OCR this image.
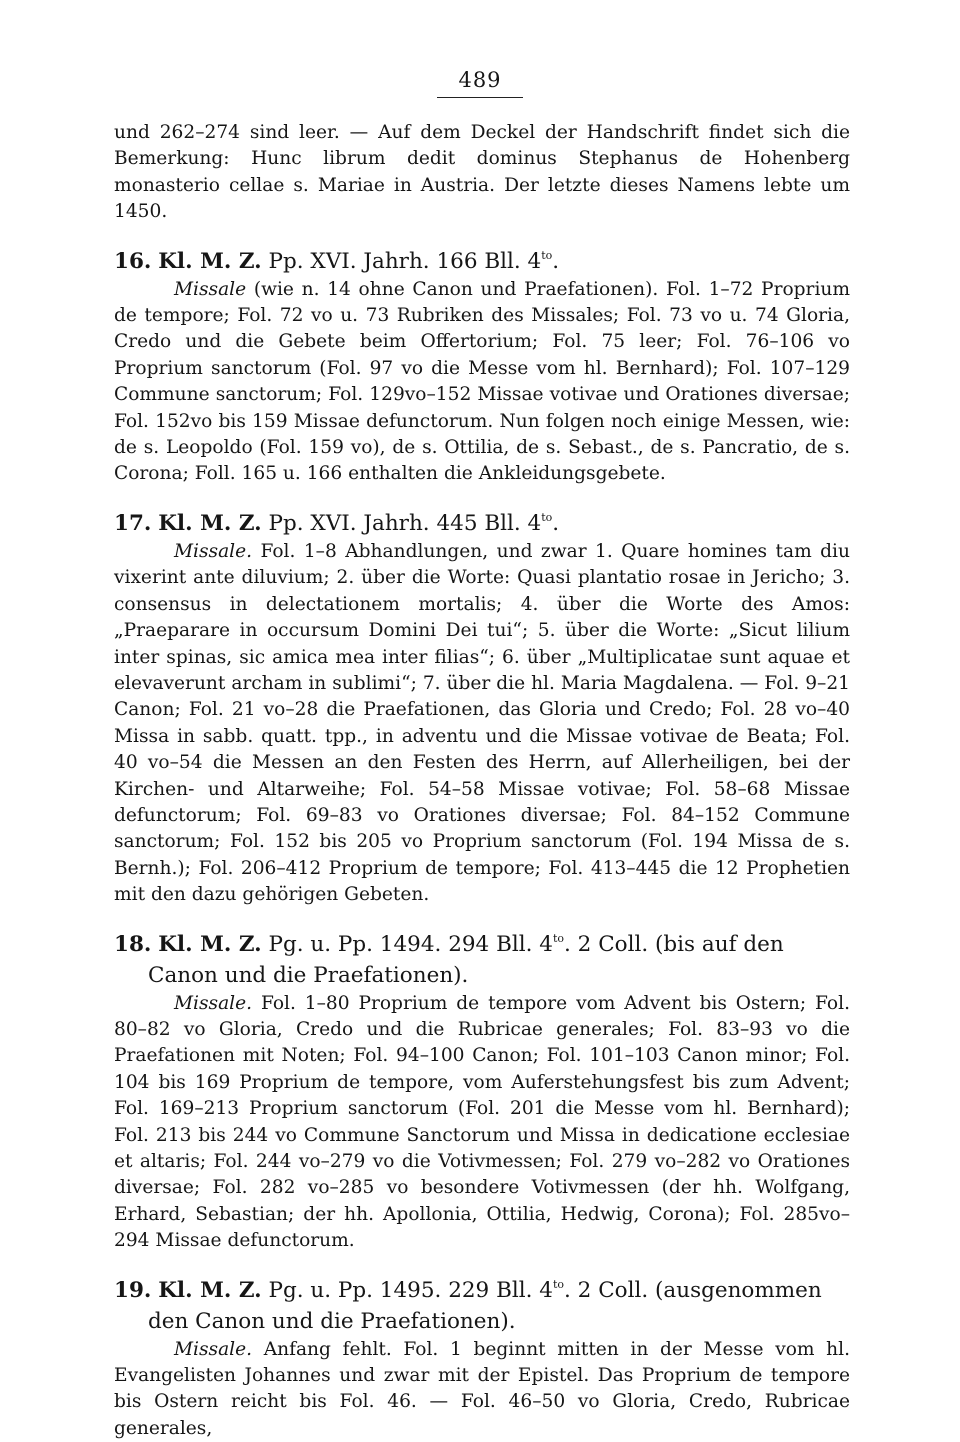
489

und 262–274 sind leer. — Auf dem Deckel der Handschrift findet sich die Bemerkung: Hunc librum dedit dominus Stephanus de Hohenberg monasterio cellae s. Mariae in Austria. Der letzte dieses Namens lebte um 1450.

16. Kl. M. Z. Pp. XVI. Jahrh. 166 Bll. $4^{to}$.

Missale (wie n. 14 ohne Canon und Praefationen). Fol. 1–72 Proprium de tempore; Fol. 72 vo u. 73 Rubriken des Missales; Fol. 73 vo u. 74 Gloria, Credo und die Gebete beim Offertorium; Fol. 75 leer; Fol. 76–106 vo Proprium sanctorum (Fol. 97 vo die Messe vom hl. Bernhard); Fol. 107–129 Commune sanctorum; Fol. 129vo–152 Missae votivae und Orationes diversae; Fol. 152vo bis 159 Missae defunctorum. Nun folgen noch einige Messen, wie: de s. Leopoldo (Fol. 159 vo), de s. Ottilia, de s. Sebast., de s. Pancratio, de s. Corona; Foll. 165 u. 166 enthalten die Ankleidungsgebete.

17. Kl. M. Z. Pp. XVI. Jahrh. 445 Bll. $4^{to}$.

Missale. Fol. 1–8 Abhandlungen, und zwar 1. Quare homines tam diu vixerint ante diluvium; 2. über die Worte: Quasi plantatio rosae in Jericho; 3. consensus in delectationem mortalis; 4. über die Worte des Amos: „Praeparare in occursum Domini Dei tui“; 5. über die Worte: „Sicut lilium inter spinas, sic amica mea inter filias“; 6. über „Multiplicatae sunt aquae et elevaverunt archam in sublimi“; 7. über die hl. Maria Magdalena. — Fol. 9–21 Canon; Fol. 21 vo–28 die Praefationen, das Gloria und Credo; Fol. 28 vo–40 Missa in sabb. quatt. tpp., in adventu und die Missae votivae de Beata; Fol. 40 vo–54 die Messen an den Festen des Herrn, auf Allerheiligen, bei der Kirchen- und Altarweihe; Fol. 54–58 Missae votivae; Fol. 58–68 Missae defunctorum; Fol. 69–83 vo Orationes diversae; Fol. 84–152 Commune sanctorum; Fol. 152 bis 205 vo Proprium sanctorum (Fol. 194 Missa de s. Bernh.); Fol. 206–412 Proprium de tempore; Fol. 413–445 die 12 Prophetien mit den dazu gehörigen Gebeten.

18. Kl. M. Z. Pg. u. Pp. 1494. 294 Bll. $4^{to}$. 2 Coll. (bis auf den Canon und die Praefationen).

Missale. Fol. 1–80 Proprium de tempore vom Advent bis Ostern; Fol. 80–82 vo Gloria, Credo und die Rubricae generales; Fol. 83–93 vo die Praefationen mit Noten; Fol. 94–100 Canon; Fol. 101–103 Canon minor; Fol. 104 bis 169 Proprium de tempore, vom Auferstehungsfest bis zum Advent; Fol. 169–213 Proprium sanctorum (Fol. 201 die Messe vom hl. Bernhard); Fol. 213 bis 244 vo Commune Sanctorum und Missa in dedicatione ecclesiae et altaris; Fol. 244 vo–279 vo die Votivmessen; Fol. 279 vo–282 vo Orationes diversae; Fol. 282 vo–285 vo besondere Votivmessen (der hh. Wolfgang, Erhard, Sebastian; der hh. Apollonia, Ottilia, Hedwig, Corona); Fol. 285vo–294 Missae defunctorum.

19. Kl. M. Z. Pg. u. Pp. 1495. 229 Bll. $4^{to}$. 2 Coll. (ausgenommen den Canon und die Praefationen).

Missale. Anfang fehlt. Fol. 1 beginnt mitten in der Messe vom hl. Evangelisten Johannes und zwar mit der Epistel. Das Proprium de tempore bis Ostern reicht bis Fol. 46. — Fol. 46–50 vo Gloria, Credo, Rubricae generales,
